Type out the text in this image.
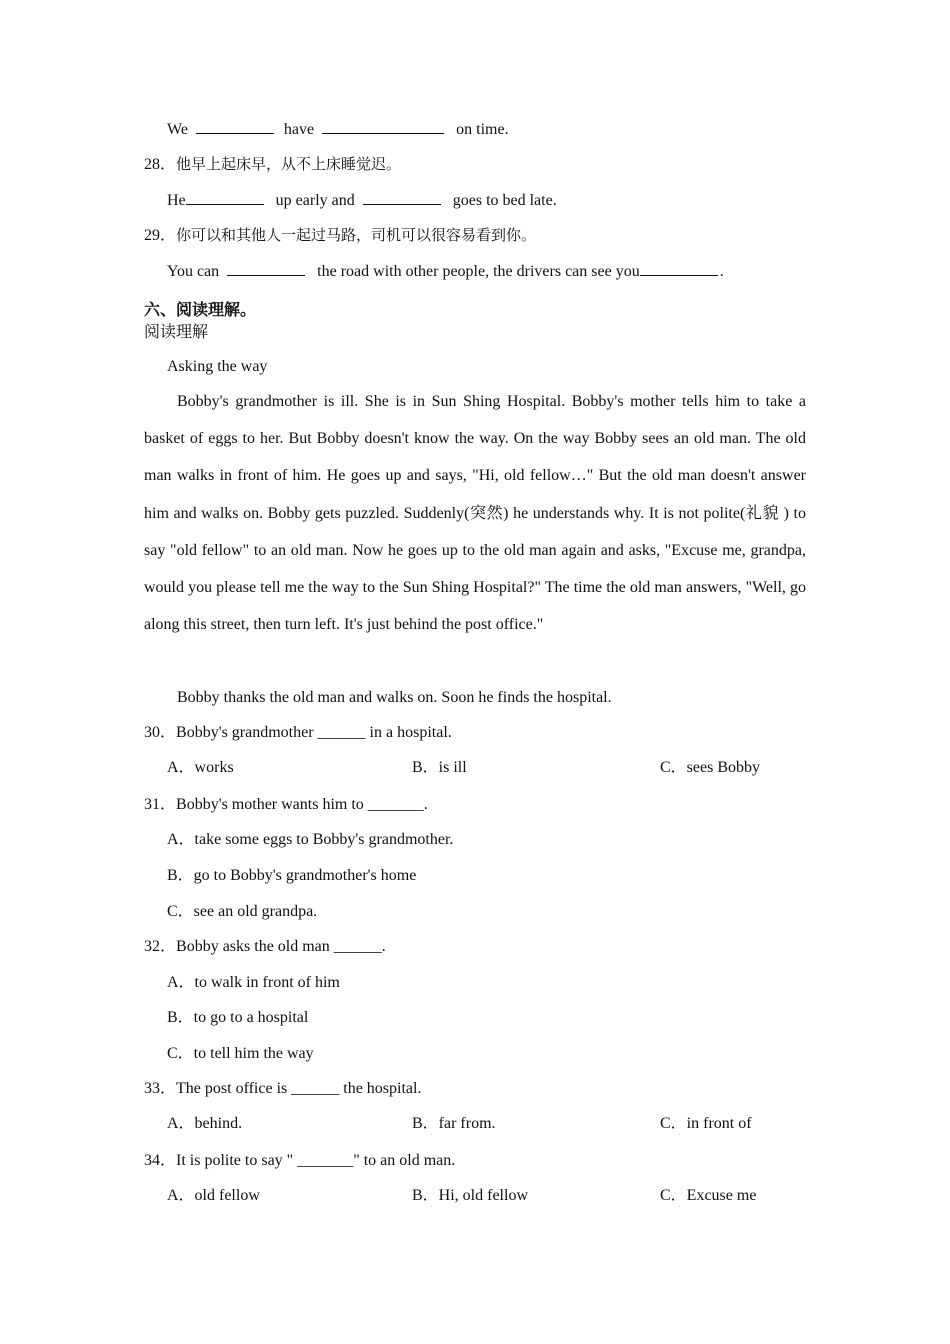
We	have	on time.
28．他早上起床早，从不上床睡觉迟。
He	up early and	goes to bed late.
29．你可以和其他人一起过马路，司机可以很容易看到你。
You can	the road with other people, the drivers can see you	.
六、阅读理解。
阅读理解
Asking the way
Bobby's grandmother is ill. She is in Sun Shing Hospital. Bobby's mother tells him to take a basket of eggs to her. But Bobby doesn't know the way. On the way Bobby sees an old man. The old man walks in front of him. He goes up and says, "Hi, old fellow…" But the old man doesn't answer him and walks on. Bobby gets puzzled. Suddenly(突然) he understands why. It is not polite(礼貌 ) to say "old fellow" to an old man. Now he goes up to the old man again and asks, "Excuse me, grandpa, would you please tell me the way to the Sun Shing Hospital?" The time the old man answers, "Well, go along this street, then turn left. It's just behind the post office."
Bobby thanks the old man and walks on. Soon he finds the hospital.
30．Bobby's grandmother ______ in a hospital.
A．works	B．is ill	C．sees Bobby
31．Bobby's mother wants him to _______.
A．take some eggs to Bobby's grandmother.
B．go to Bobby's grandmother's home
C．see an old grandpa.
32．Bobby asks the old man ______.
A．to walk in front of him
B．to go to a hospital
C．to tell him the way
33．The post office is ______ the hospital.
A．behind.	B．far from.	C．in front of
34．It is polite to say " _______" to an old man.
A．old fellow	B．Hi, old fellow	C．Excuse me
